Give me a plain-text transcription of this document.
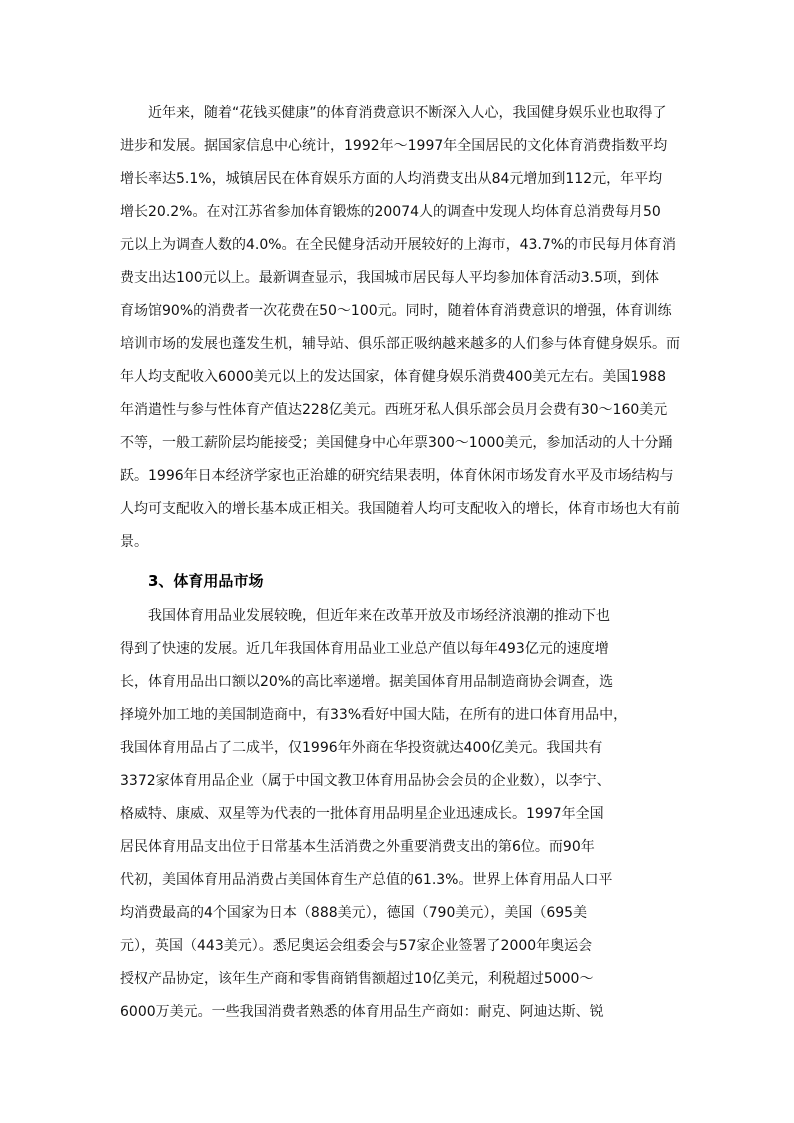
　　近年来，随着“花钱买健康”的体育消费意识不断深入人心，我国健身娱乐业也取得了
进步和发展。据国家信息中心统计，1992年～1997年全国居民的文化体育消费指数平均
增长率达5.1%，城镇居民在体育娱乐方面的人均消费支出从84元增加到112元，年平均
增长20.2%。在对江苏省参加体育锻炼的20074人的调查中发现人均体育总消费每月50
元以上为调查人数的4.0%。在全民健身活动开展较好的上海市，43.7%的市民每月体育消
费支出达100元以上。最新调查显示，我国城市居民每人平均参加体育活动3.5项，到体
育场馆90%的消费者一次花费在50～100元。同时，随着体育消费意识的增强，体育训练
培训市场的发展也蓬发生机，辅导站、俱乐部正吸纳越来越多的人们参与体育健身娱乐。而
年人均支配收入6000美元以上的发达国家，体育健身娱乐消费400美元左右。美国1988
年消遣性与参与性体育产值达228亿美元。西班牙私人俱乐部会员月会费有30～160美元
不等，一般工薪阶层均能接受；美国健身中心年票300～1000美元，参加活动的人十分踊
跃。1996年日本经济学家也正治雄的研究结果表明，体育休闲市场发育水平及市场结构与
人均可支配收入的增长基本成正相关。我国随着人均可支配收入的增长，体育市场也大有前
景。
3、体育用品市场
　　我国体育用品业发展较晚，但近年来在改革开放及市场经济浪潮的推动下也
得到了快速的发展。近几年我国体育用品业工业总产值以每年493亿元的速度增
长，体育用品出口额以20%的高比率递增。据美国体育用品制造商协会调查，选
择境外加工地的美国制造商中，有33%看好中国大陆，在所有的进口体育用品中，
我国体育用品占了二成半，仅1996年外商在华投资就达400亿美元。我国共有
3372家体育用品企业（属于中国文教卫体育用品协会会员的企业数），以李宁、
格威特、康威、双星等为代表的一批体育用品明星企业迅速成长。1997年全国
居民体育用品支出位于日常基本生活消费之外重要消费支出的第6位。而90年
代初，美国体育用品消费占美国体育生产总值的61.3%。世界上体育用品人口平
均消费最高的4个国家为日本（888美元），德国（790美元），美国（695美
元），英国（443美元）。悉尼奥运会组委会与57家企业签署了2000年奥运会
授权产品协定，该年生产商和零售商销售额超过10亿美元，利税超过5000～
6000万美元。一些我国消费者熟悉的体育用品生产商如：耐克、阿迪达斯、锐
